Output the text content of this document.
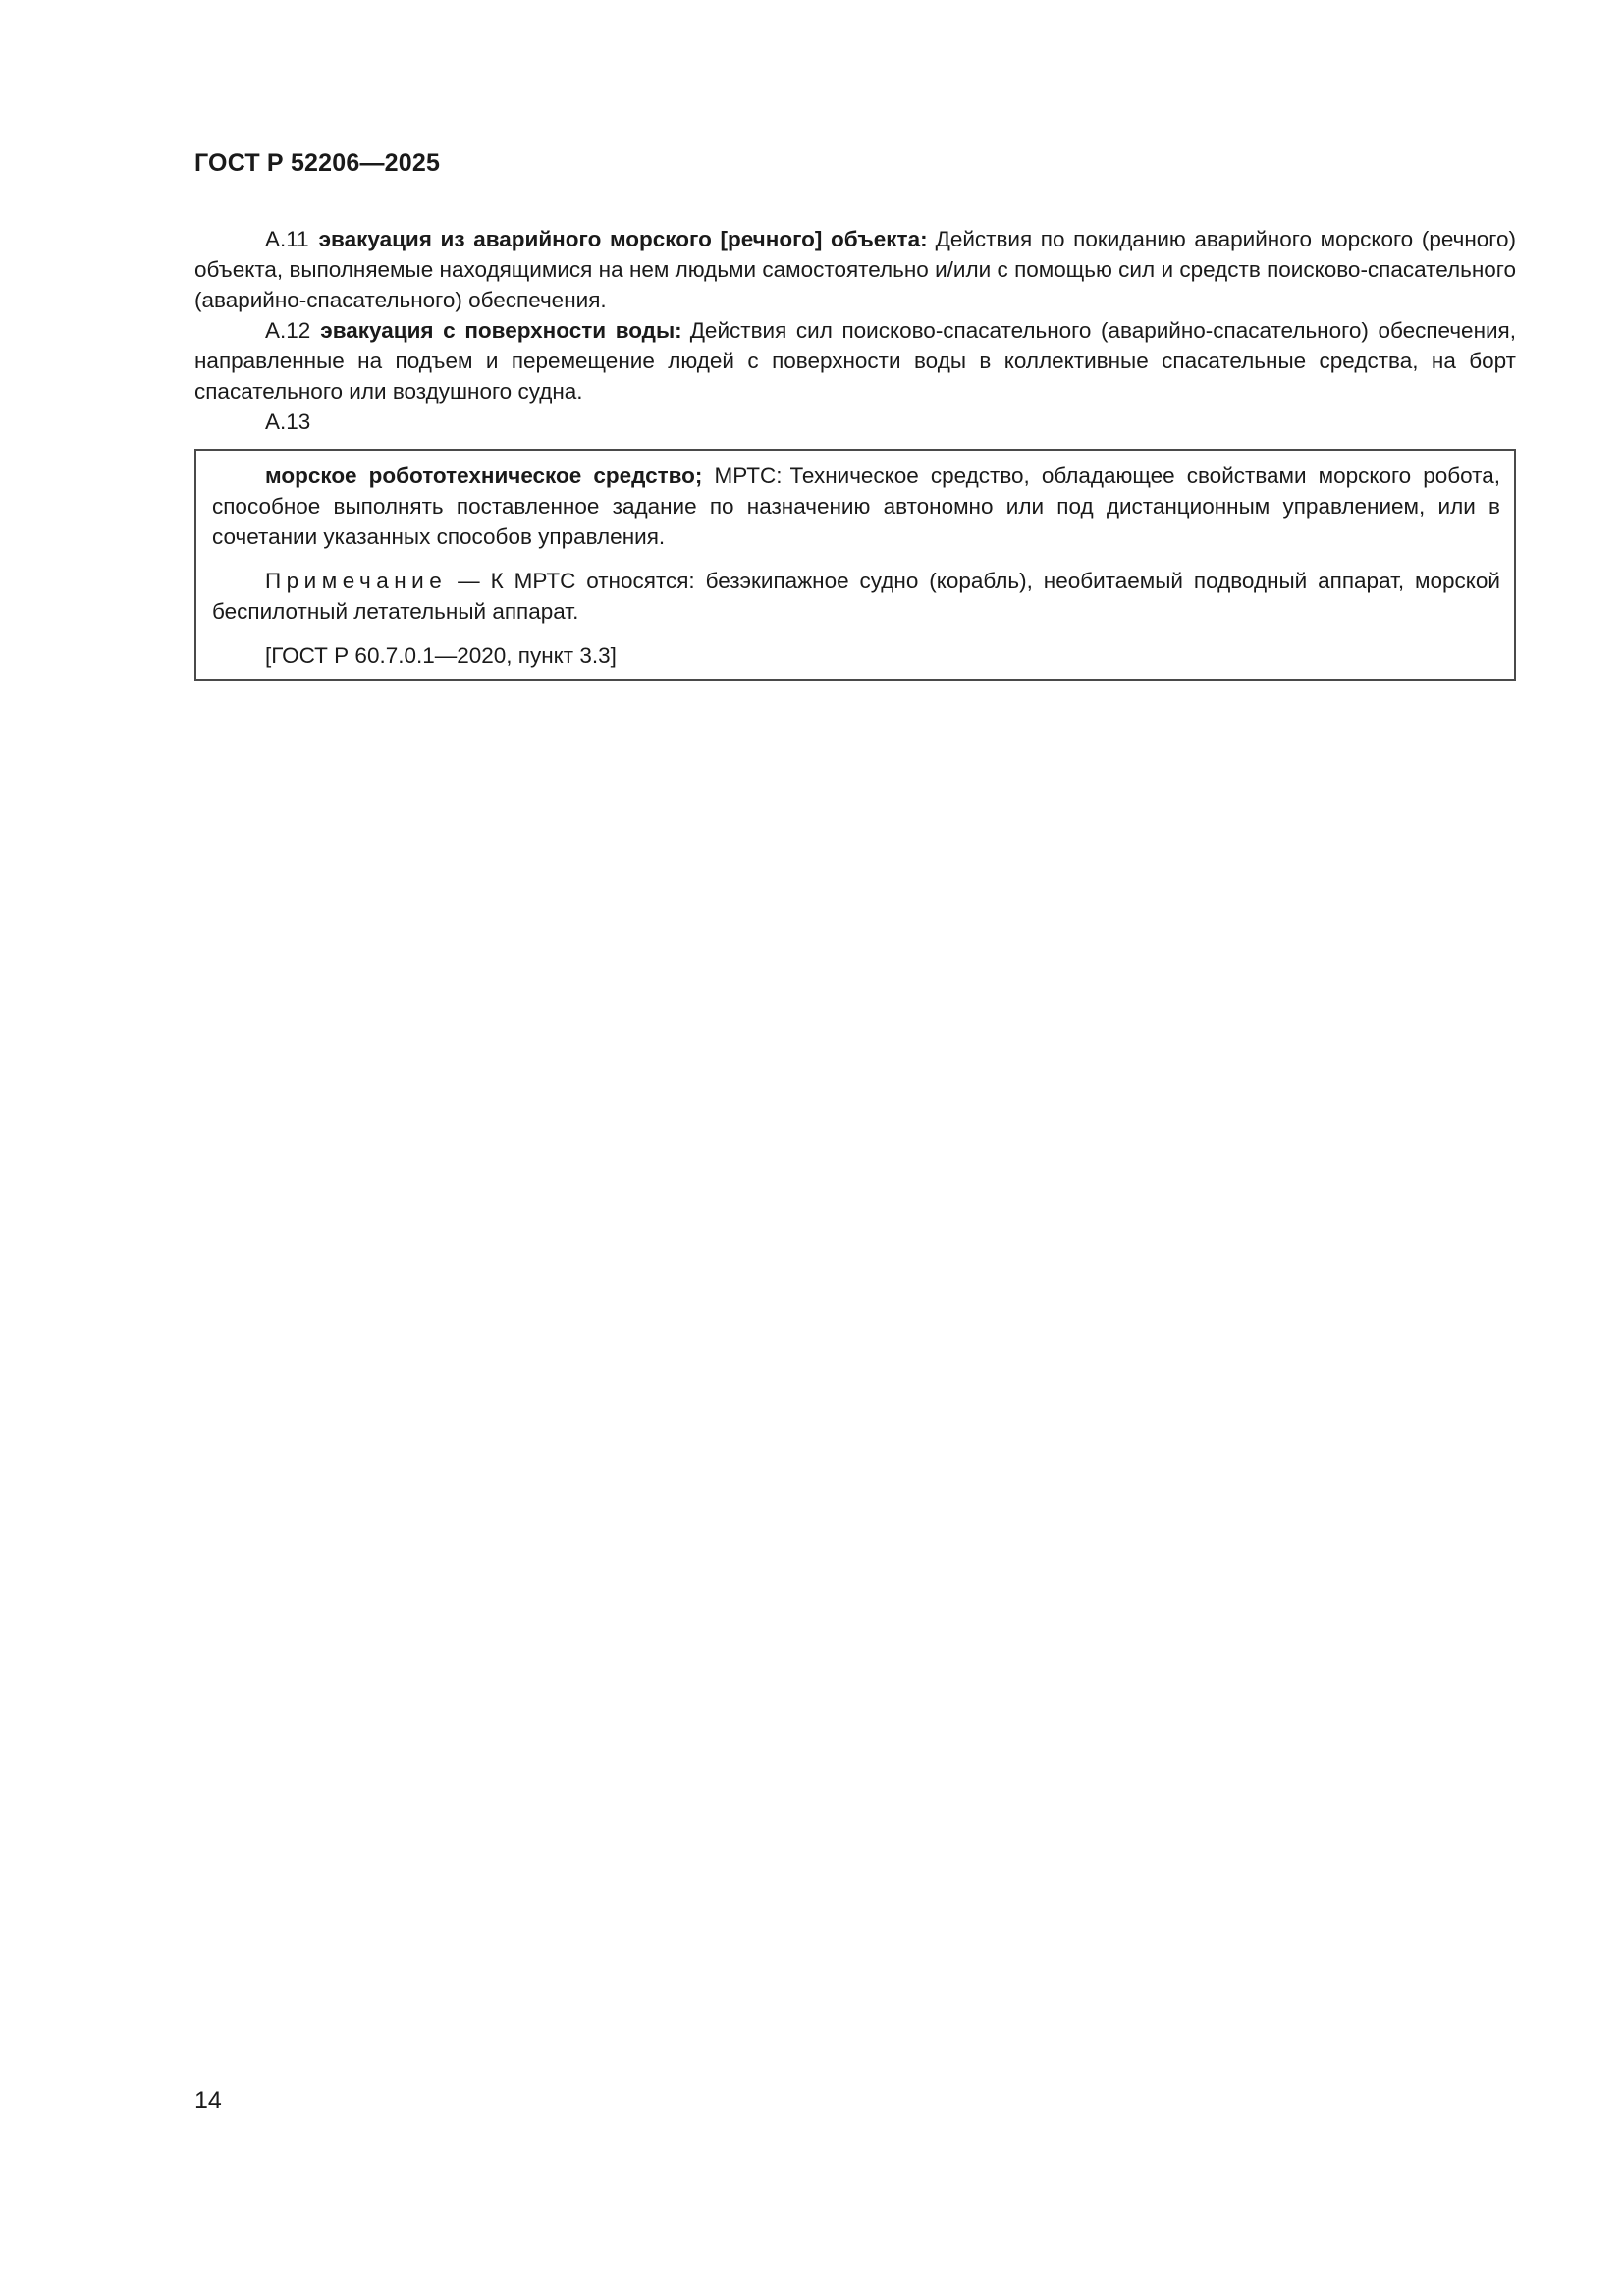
ГОСТ Р 52206—2025

А.11 эвакуация из аварийного морского [речного] объекта: Действия по покиданию аварийного морского (речного) объекта, выполняемые находящимися на нем людьми самостоятельно и/или с помощью сил и средств поисково-спасательного (аварийно-спасательного) обеспечения.

А.12 эвакуация с поверхности воды: Действия сил поисково-спасательного (аварийно-спасательного) обеспечения, направленные на подъем и перемещение людей с поверхности воды в коллективные спасательные средства, на борт спасательного или воздушного судна.

А.13

морское робототехническое средство; МРТС: Техническое средство, обладающее свойствами морского робота, способное выполнять поставленное задание по назначению автономно или под дистанционным управлением, или в сочетании указанных способов управления.

Примечание — К МРТС относятся: безэкипажное судно (корабль), необитаемый подводный аппарат, морской беспилотный летательный аппарат.

[ГОСТ Р 60.7.0.1—2020, пункт 3.3]

14
